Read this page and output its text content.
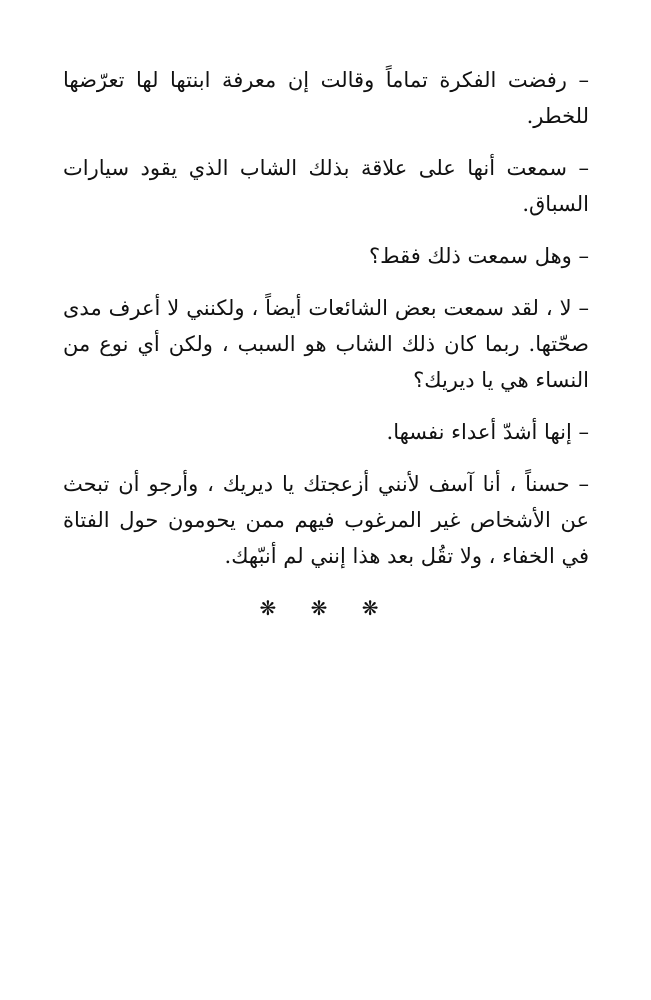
– رفضت الفكرة تماماً وقالت إن معرفة ابنتها لها تعرّضها للخطر.

– سمعت أنها على علاقة بذلك الشاب الذي يقود سيارات السباق.

– وهل سمعت ذلك فقط؟

– لا ، لقد سمعت بعض الشائعات أيضاً ، ولكنني لا أعرف مدى صحّتها. ربما كان ذلك الشاب هو السبب ، ولكن أي نوع من النساء هي يا ديريك؟

– إنها أشدّ أعداء نفسها.

– حسناً ، أنا آسف لأنني أزعجتك يا ديريك ، وأرجو أن تبحث عن الأشخاص غير المرغوب فيهم ممن يحومون حول الفتاة في الخفاء ، ولا تقُل بعد هذا إنني لم أنبّهك.

❋ ❋ ❋
